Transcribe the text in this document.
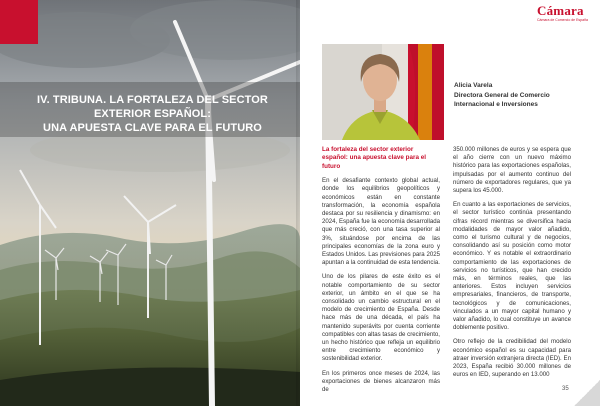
IV. TRIBUNA. LA FORTALEZA DEL SECTOR EXTERIOR ESPAÑOL:
UNA APUESTA CLAVE PARA EL FUTURO
Cámara
Cámara de Comercio de España
Alicia Varela
Directora General de Comercio Internacional e Inversiones

La fortaleza del sector exterior español: una apuesta clave para el futuro

En el desafiante contexto global actual, donde los equilibrios geopolíticos y económicos están en constante transformación, la economía española destaca por su resiliencia y dinamismo: en 2024, España fue la economía desarrollada que más creció, con una tasa superior al 3%, situándose por encima de las principales economías de la zona euro y Estados Unidos. Las previsiones para 2025 apuntan a la continuidad de esta tendencia.

Uno de los pilares de este éxito es el notable comportamiento de su sector exterior, un ámbito en el que se ha consolidado un cambio estructural en el modelo de crecimiento de España. Desde hace más de una década, el país ha mantenido superávits por cuenta corriente compatibles con altas tasas de crecimiento, un hecho histórico que refleja un equilibrio entre crecimiento económico y sostenibilidad exterior.

En los primeros once meses de 2024, las exportaciones de bienes alcanzaron más de

350.000 millones de euros y se espera que el año cierre con un nuevo máximo histórico para las exportaciones españolas, impulsadas por el aumento continuo del número de exportadores regulares, que ya supera los 45.000.

En cuanto a las exportaciones de servicios, el sector turístico continúa presentando cifras récord mientras se diversifica hacia modalidades de mayor valor añadido, como el turismo cultural y de negocios, consolidando así su posición como motor económico. Y es notable el extraordinario comportamiento de las exportaciones de servicios no turísticos, que han crecido más, en términos reales, que las anteriores. Estos incluyen servicios empresariales, financieros, de transporte, tecnológicos y de comunicaciones, vinculados a un mayor capital humano y valor añadido, lo cual constituye un avance doblemente positivo.

Otro reflejo de la credibilidad del modelo económico español es su capacidad para atraer inversión extranjera directa (IED). En 2023, España recibió 30.000 millones de euros en IED, superando en 13.000

35
